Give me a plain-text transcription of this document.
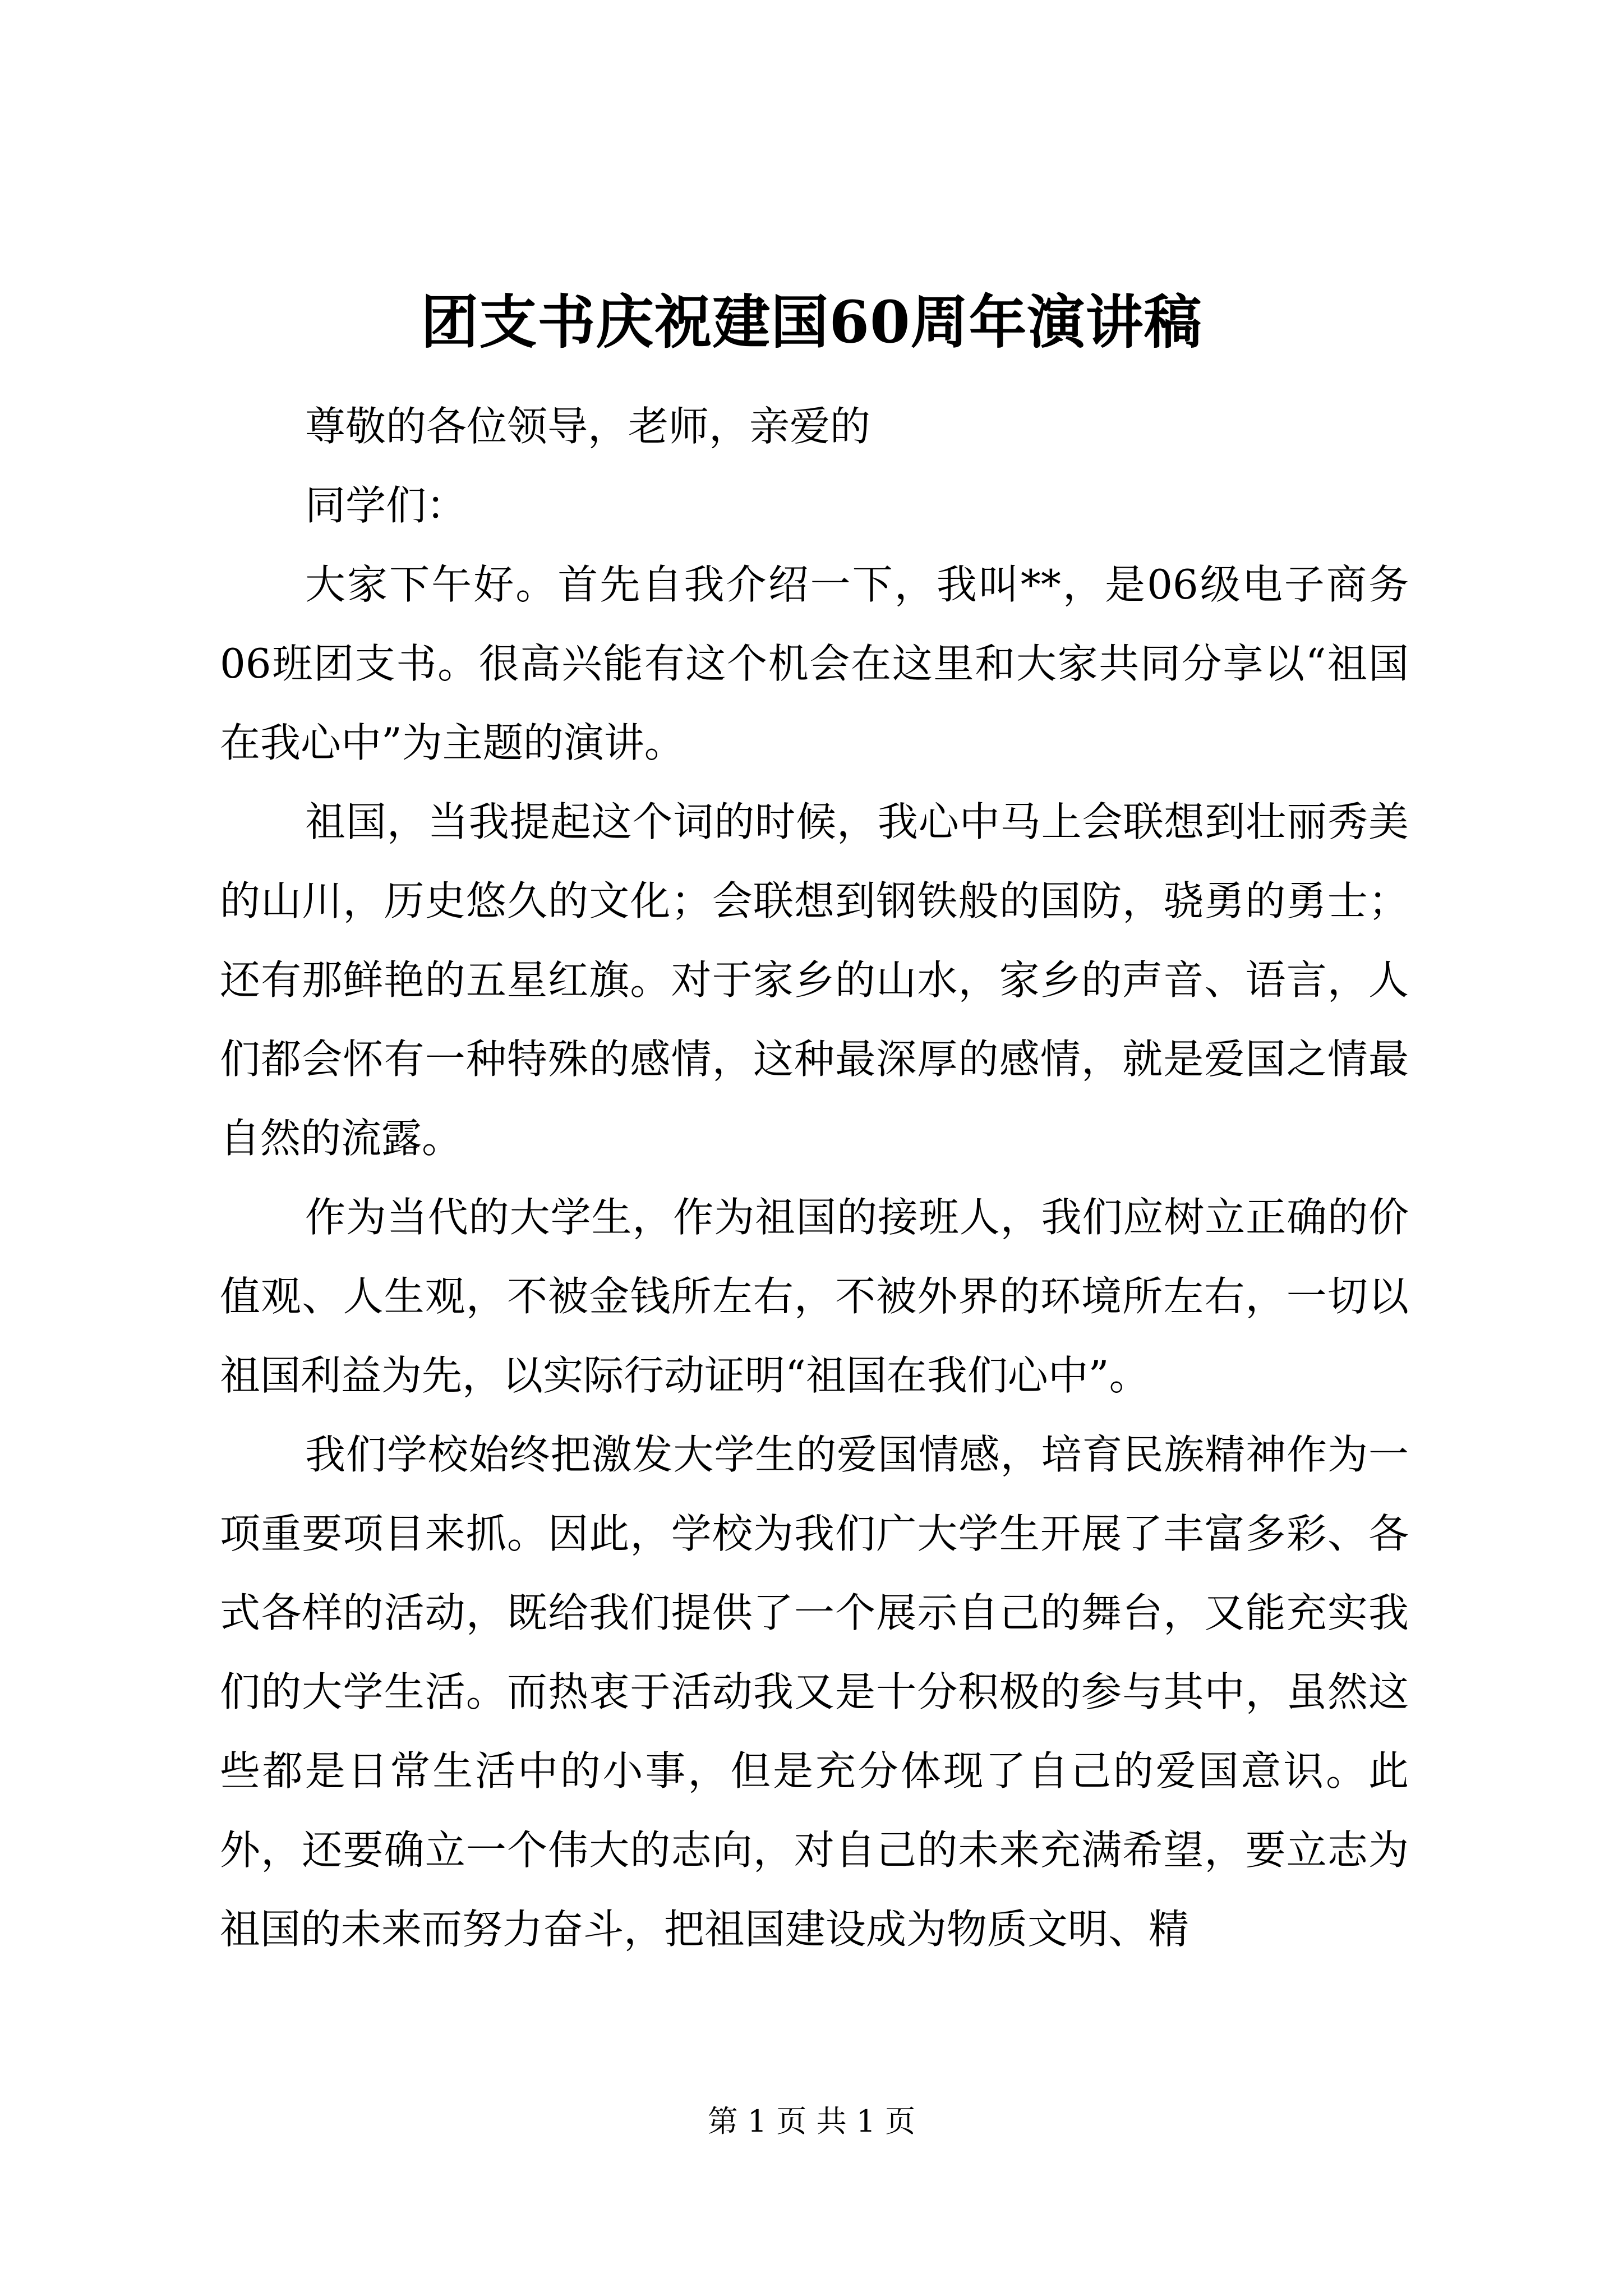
团支书庆祝建国60周年演讲稿

尊敬的各位领导，老师，亲爱的

同学们：

大家下午好。首先自我介绍一下，我叫**，是06级电子商务06班团支书。很高兴能有这个机会在这里和大家共同分享以“祖国在我心中”为主题的演讲。

祖国，当我提起这个词的时候，我心中马上会联想到壮丽秀美的山川，历史悠久的文化；会联想到钢铁般的国防，骁勇的勇士；还有那鲜艳的五星红旗。对于家乡的山水，家乡的声音、语言，人们都会怀有一种特殊的感情，这种最深厚的感情，就是爱国之情最自然的流露。

作为当代的大学生，作为祖国的接班人，我们应树立正确的价值观、人生观，不被金钱所左右，不被外界的环境所左右，一切以祖国利益为先，以实际行动证明“祖国在我们心中”。

我们学校始终把激发大学生的爱国情感，培育民族精神作为一项重要项目来抓。因此，学校为我们广大学生开展了丰富多彩、各式各样的活动，既给我们提供了一个展示自己的舞台，又能充实我们的大学生活。而热衷于活动我又是十分积极的参与其中，虽然这些都是日常生活中的小事，但是充分体现了自己的爱国意识。此外，还要确立一个伟大的志向，对自己的未来充满希望，要立志为祖国的未来而努力奋斗，把祖国建设成为物质文明、精

第 1 页 共 1 页
